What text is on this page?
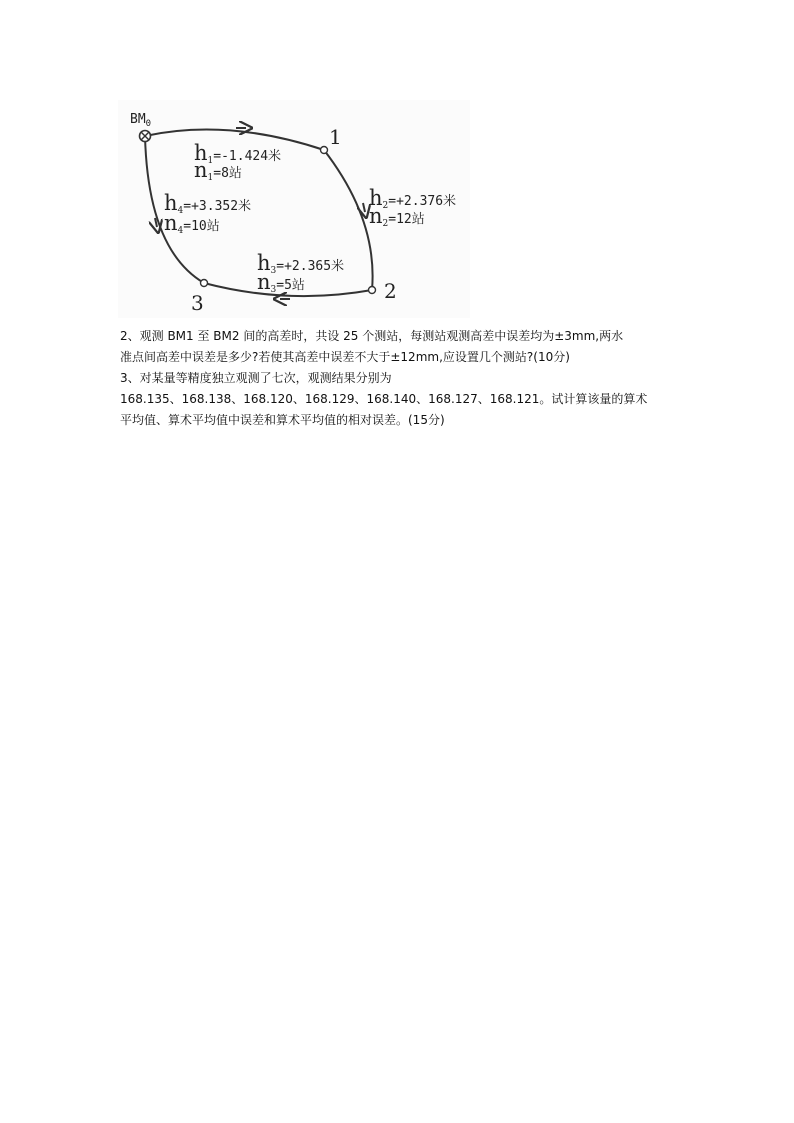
$BM_0$
1
2
3
h1=-1.424米
n1=8站
h2=+2.376米
n2=12站
h3=+2.365米
n3=5站
h4=+3.352米
n4=10站
2、观测 BM1 至 BM2 间的高差时，共设 25 个测站，每测站观测高差中误差均为±3mm,两水
准点间高差中误差是多少?若使其高差中误差不大于±12mm,应设置几个测站?(10分)
3、对某量等精度独立观测了七次，观测结果分别为
168.135、168.138、168.120、168.129、168.140、168.127、168.121。试计算该量的算术
平均值、算术平均值中误差和算术平均值的相对误差。(15分)
